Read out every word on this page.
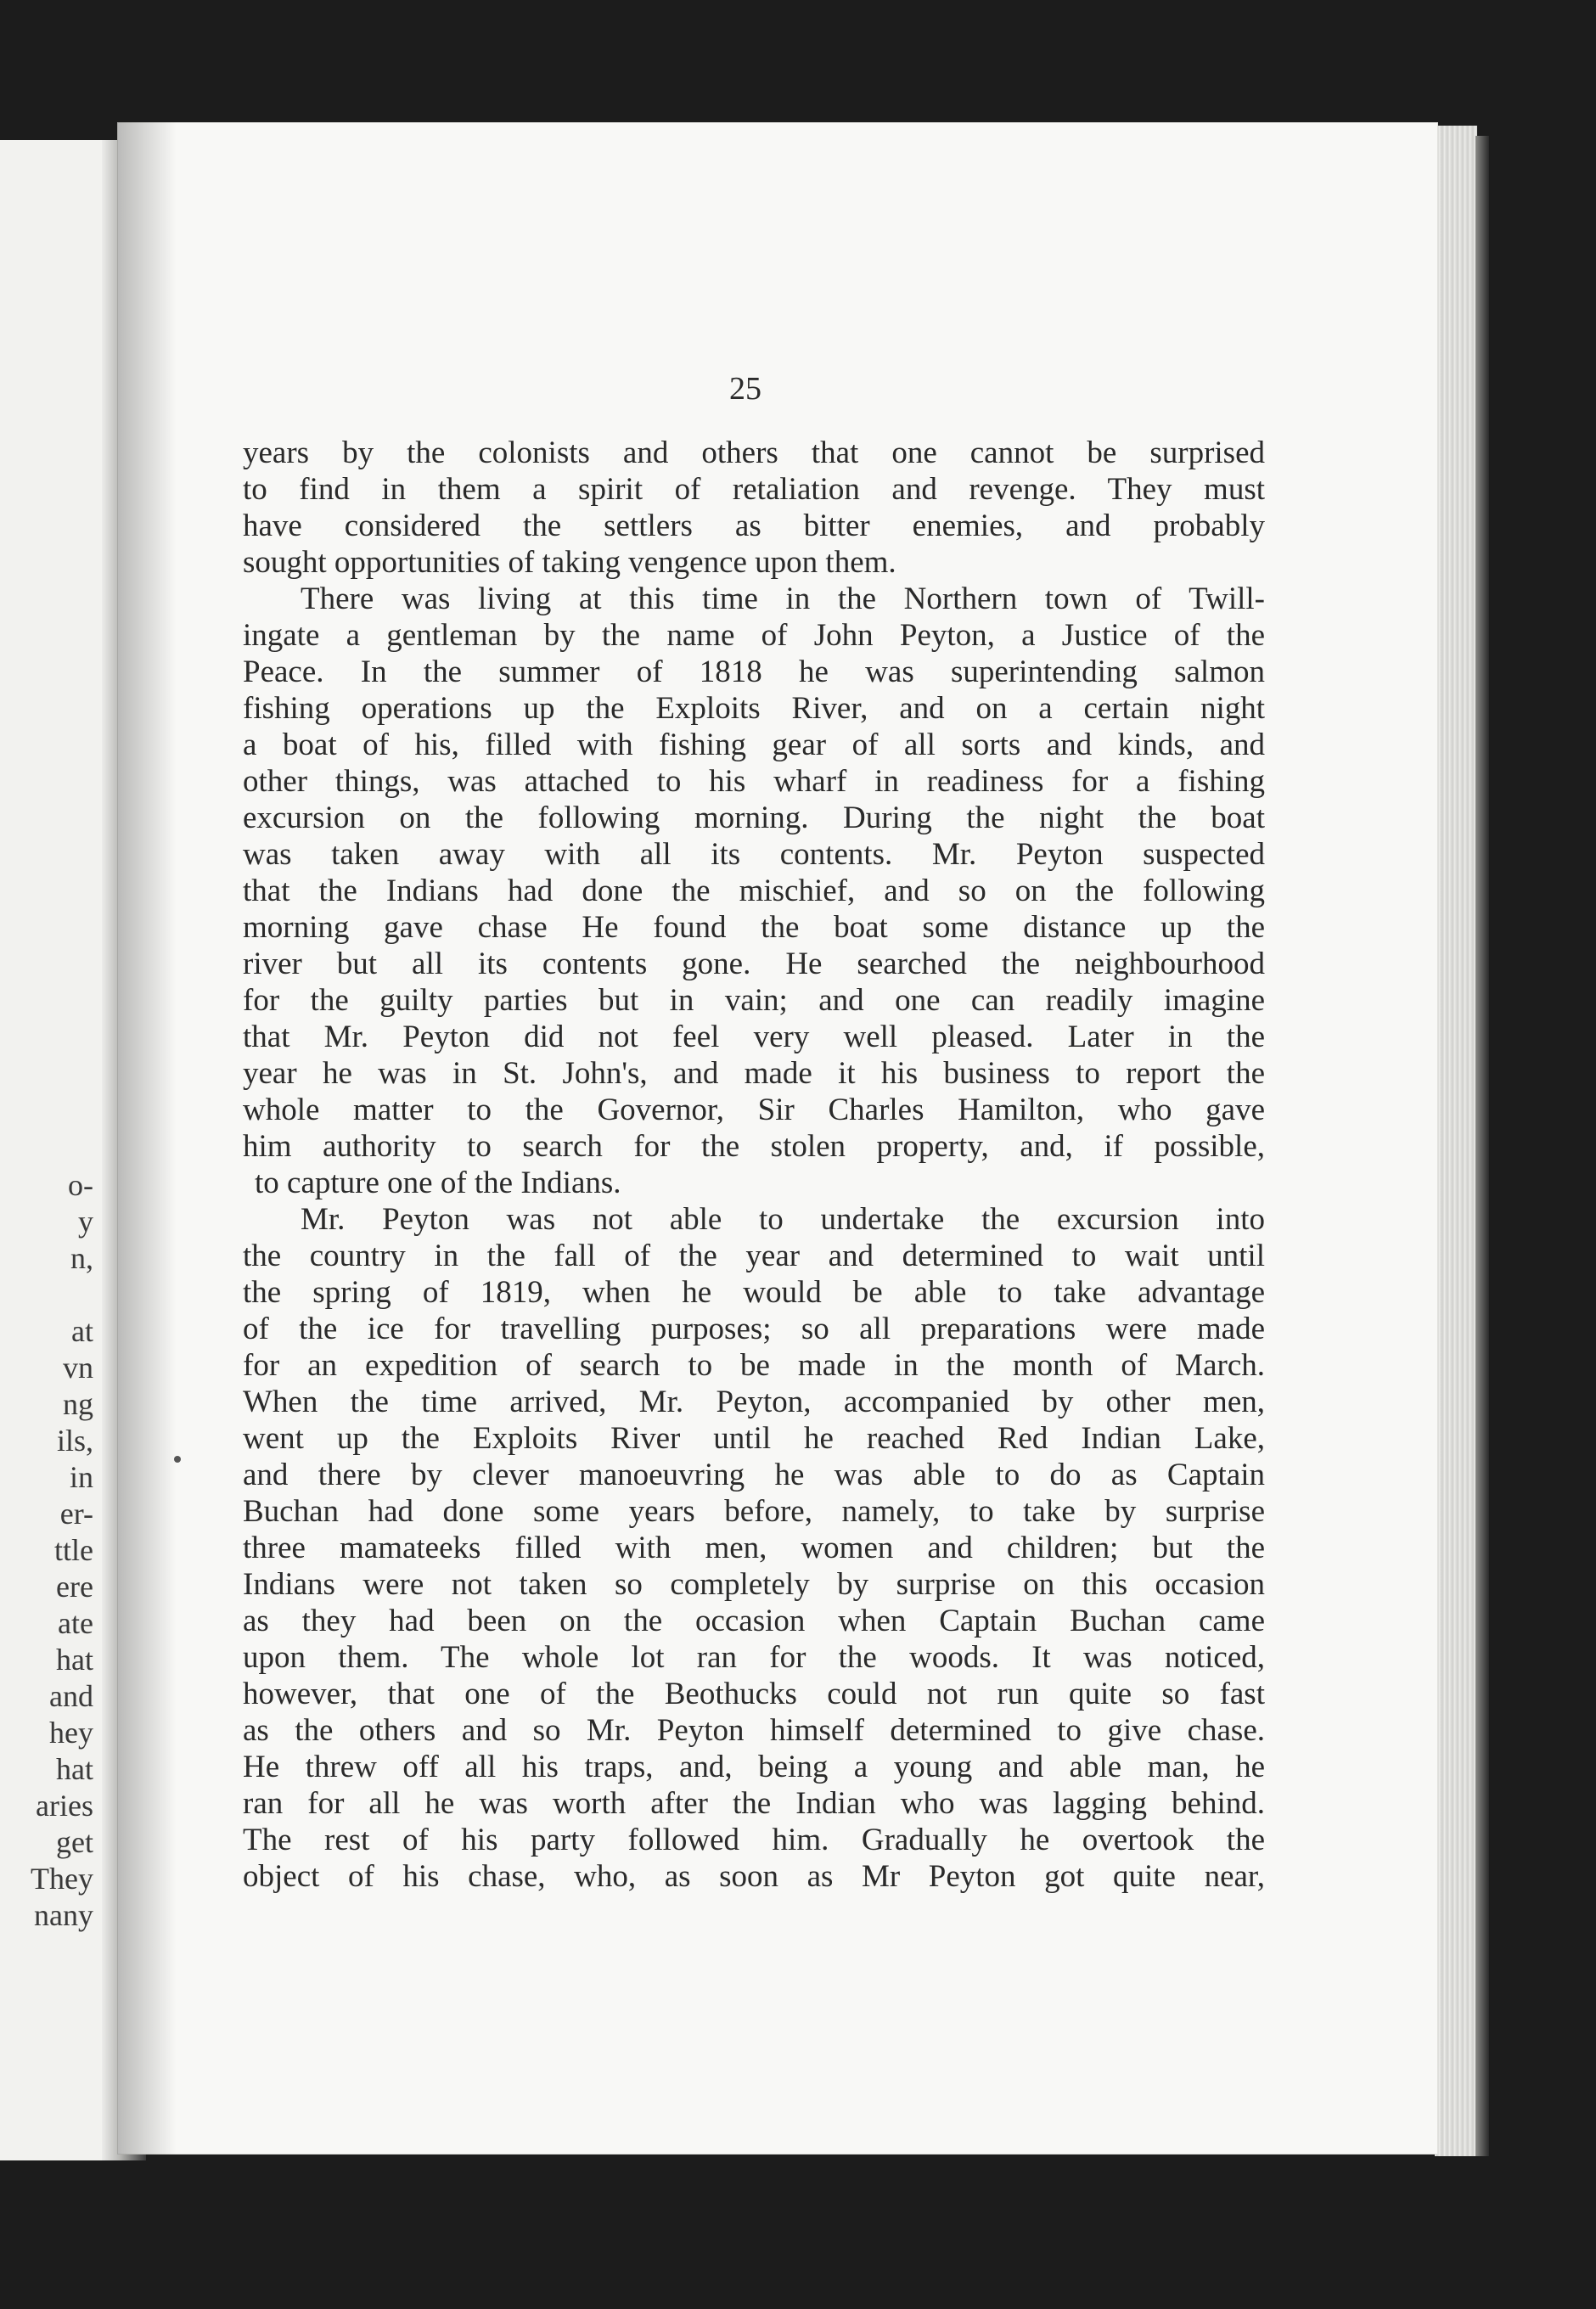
o-
y
n,

at
vn
ng
ils,
in
er-
ttle
ere
ate
hat
and
hey
hat
aries
get
They
nany
25
years by the colonists and others that one cannot be surprised
to find in them a spirit of retaliation and revenge. They must
have considered the settlers as bitter enemies, and probably
sought opportunities of taking vengence upon them.
There was living at this time in the Northern town of Twill-
ingate a gentleman by the name of John Peyton, a Justice of the
Peace. In the summer of 1818 he was superintending salmon
fishing operations up the Exploits River, and on a certain night
a boat of his, filled with fishing gear of all sorts and kinds, and
other things, was attached to his wharf in readiness for a fishing
excursion on the following morning. During the night the boat
was taken away with all its contents. Mr. Peyton suspected
that the Indians had done the mischief, and so on the following
morning gave chase He found the boat some distance up the
river but all its contents gone. He searched the neighbourhood
for the guilty parties but in vain; and one can readily imagine
that Mr. Peyton did not feel very well pleased. Later in the
year he was in St. John's, and made it his business to report the
whole matter to the Governor, Sir Charles Hamilton, who gave
him authority to search for the stolen property, and, if possible,
to capture one of the Indians.
Mr. Peyton was not able to undertake the excursion into
the country in the fall of the year and determined to wait until
the spring of 1819, when he would be able to take advantage
of the ice for travelling purposes; so all preparations were made
for an expedition of search to be made in the month of March.
When the time arrived, Mr. Peyton, accompanied by other men,
went up the Exploits River until he reached Red Indian Lake,
and there by clever manoeuvring he was able to do as Captain
Buchan had done some years before, namely, to take by surprise
three mamateeks filled with men, women and children; but the
Indians were not taken so completely by surprise on this occasion
as they had been on the occasion when Captain Buchan came
upon them. The whole lot ran for the woods. It was noticed,
however, that one of the Beothucks could not run quite so fast
as the others and so Mr. Peyton himself determined to give chase.
He threw off all his traps, and, being a young and able man, he
ran for all he was worth after the Indian who was lagging behind.
The rest of his party followed him. Gradually he overtook the
object of his chase, who, as soon as Mr Peyton got quite near,
